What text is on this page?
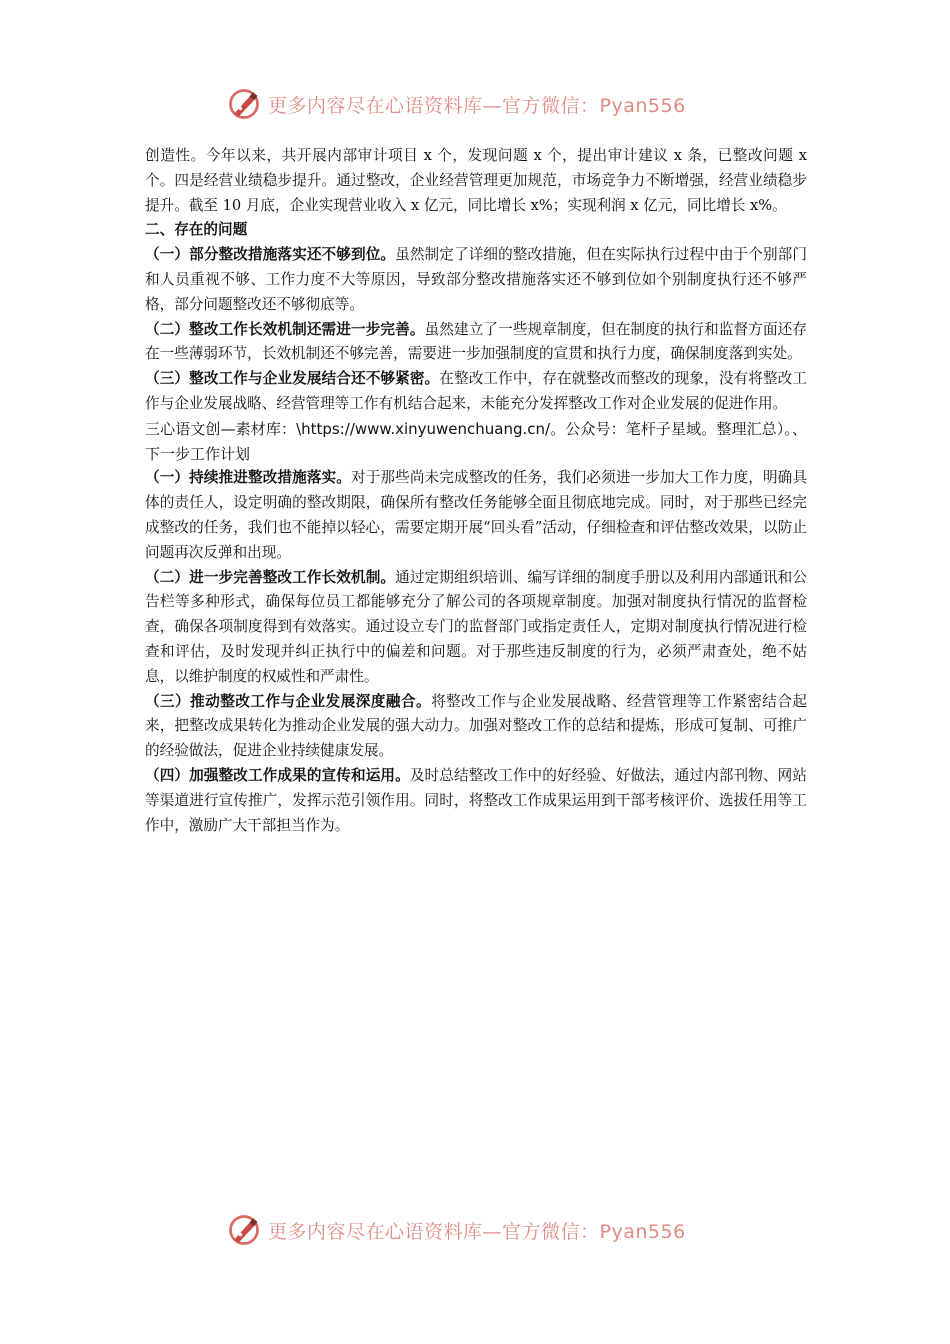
更多内容尽在心语资料库—官方微信：Pyan556

创造性。今年以来，共开展内部审计项目 x 个，发现问题 x 个，提出审计建议 x 条，已整改问题 x 个。四是经营业绩稳步提升。通过整改，企业经营管理更加规范，市场竞争力不断增强，经营业绩稳步提升。截至 10 月底，企业实现营业收入 x 亿元，同比增长 x%；实现利润 x 亿元，同比增长 x%。

二、存在的问题

（一）部分整改措施落实还不够到位。虽然制定了详细的整改措施，但在实际执行过程中由于个别部门和人员重视不够、工作力度不大等原因，导致部分整改措施落实还不够到位如个别制度执行还不够严格，部分问题整改还不够彻底等。

（二）整改工作长效机制还需进一步完善。虽然建立了一些规章制度，但在制度的执行和监督方面还存在一些薄弱环节，长效机制还不够完善，需要进一步加强制度的宣贯和执行力度，确保制度落到实处。

（三）整改工作与企业发展结合还不够紧密。在整改工作中，存在就整改而整改的现象，没有将整改工作与企业发展战略、经营管理等工作有机结合起来，未能充分发挥整改工作对企业发展的促进作用。

三心语文创—素材库：\https://www.xinyuwenchuang.cn/。公众号：笔杆子星域。整理汇总）。、下一步工作计划

（一）持续推进整改措施落实。对于那些尚未完成整改的任务，我们必须进一步加大工作力度，明确具体的责任人，设定明确的整改期限，确保所有整改任务能够全面且彻底地完成。同时，对于那些已经完成整改的任务，我们也不能掉以轻心，需要定期开展“回头看”活动，仔细检查和评估整改效果，以防止问题再次反弹和出现。

（二）进一步完善整改工作长效机制。通过定期组织培训、编写详细的制度手册以及利用内部通讯和公告栏等多种形式，确保每位员工都能够充分了解公司的各项规章制度。加强对制度执行情况的监督检查，确保各项制度得到有效落实。通过设立专门的监督部门或指定责任人，定期对制度执行情况进行检查和评估，及时发现并纠正执行中的偏差和问题。对于那些违反制度的行为，必须严肃查处，绝不姑息，以维护制度的权威性和严肃性。

（三）推动整改工作与企业发展深度融合。将整改工作与企业发展战略、经营管理等工作紧密结合起来，把整改成果转化为推动企业发展的强大动力。加强对整改工作的总结和提炼，形成可复制、可推广的经验做法，促进企业持续健康发展。

（四）加强整改工作成果的宣传和运用。及时总结整改工作中的好经验、好做法，通过内部刊物、网站等渠道进行宣传推广，发挥示范引领作用。同时，将整改工作成果运用到干部考核评价、选拔任用等工作中，激励广大干部担当作为。

更多内容尽在心语资料库—官方微信：Pyan556
